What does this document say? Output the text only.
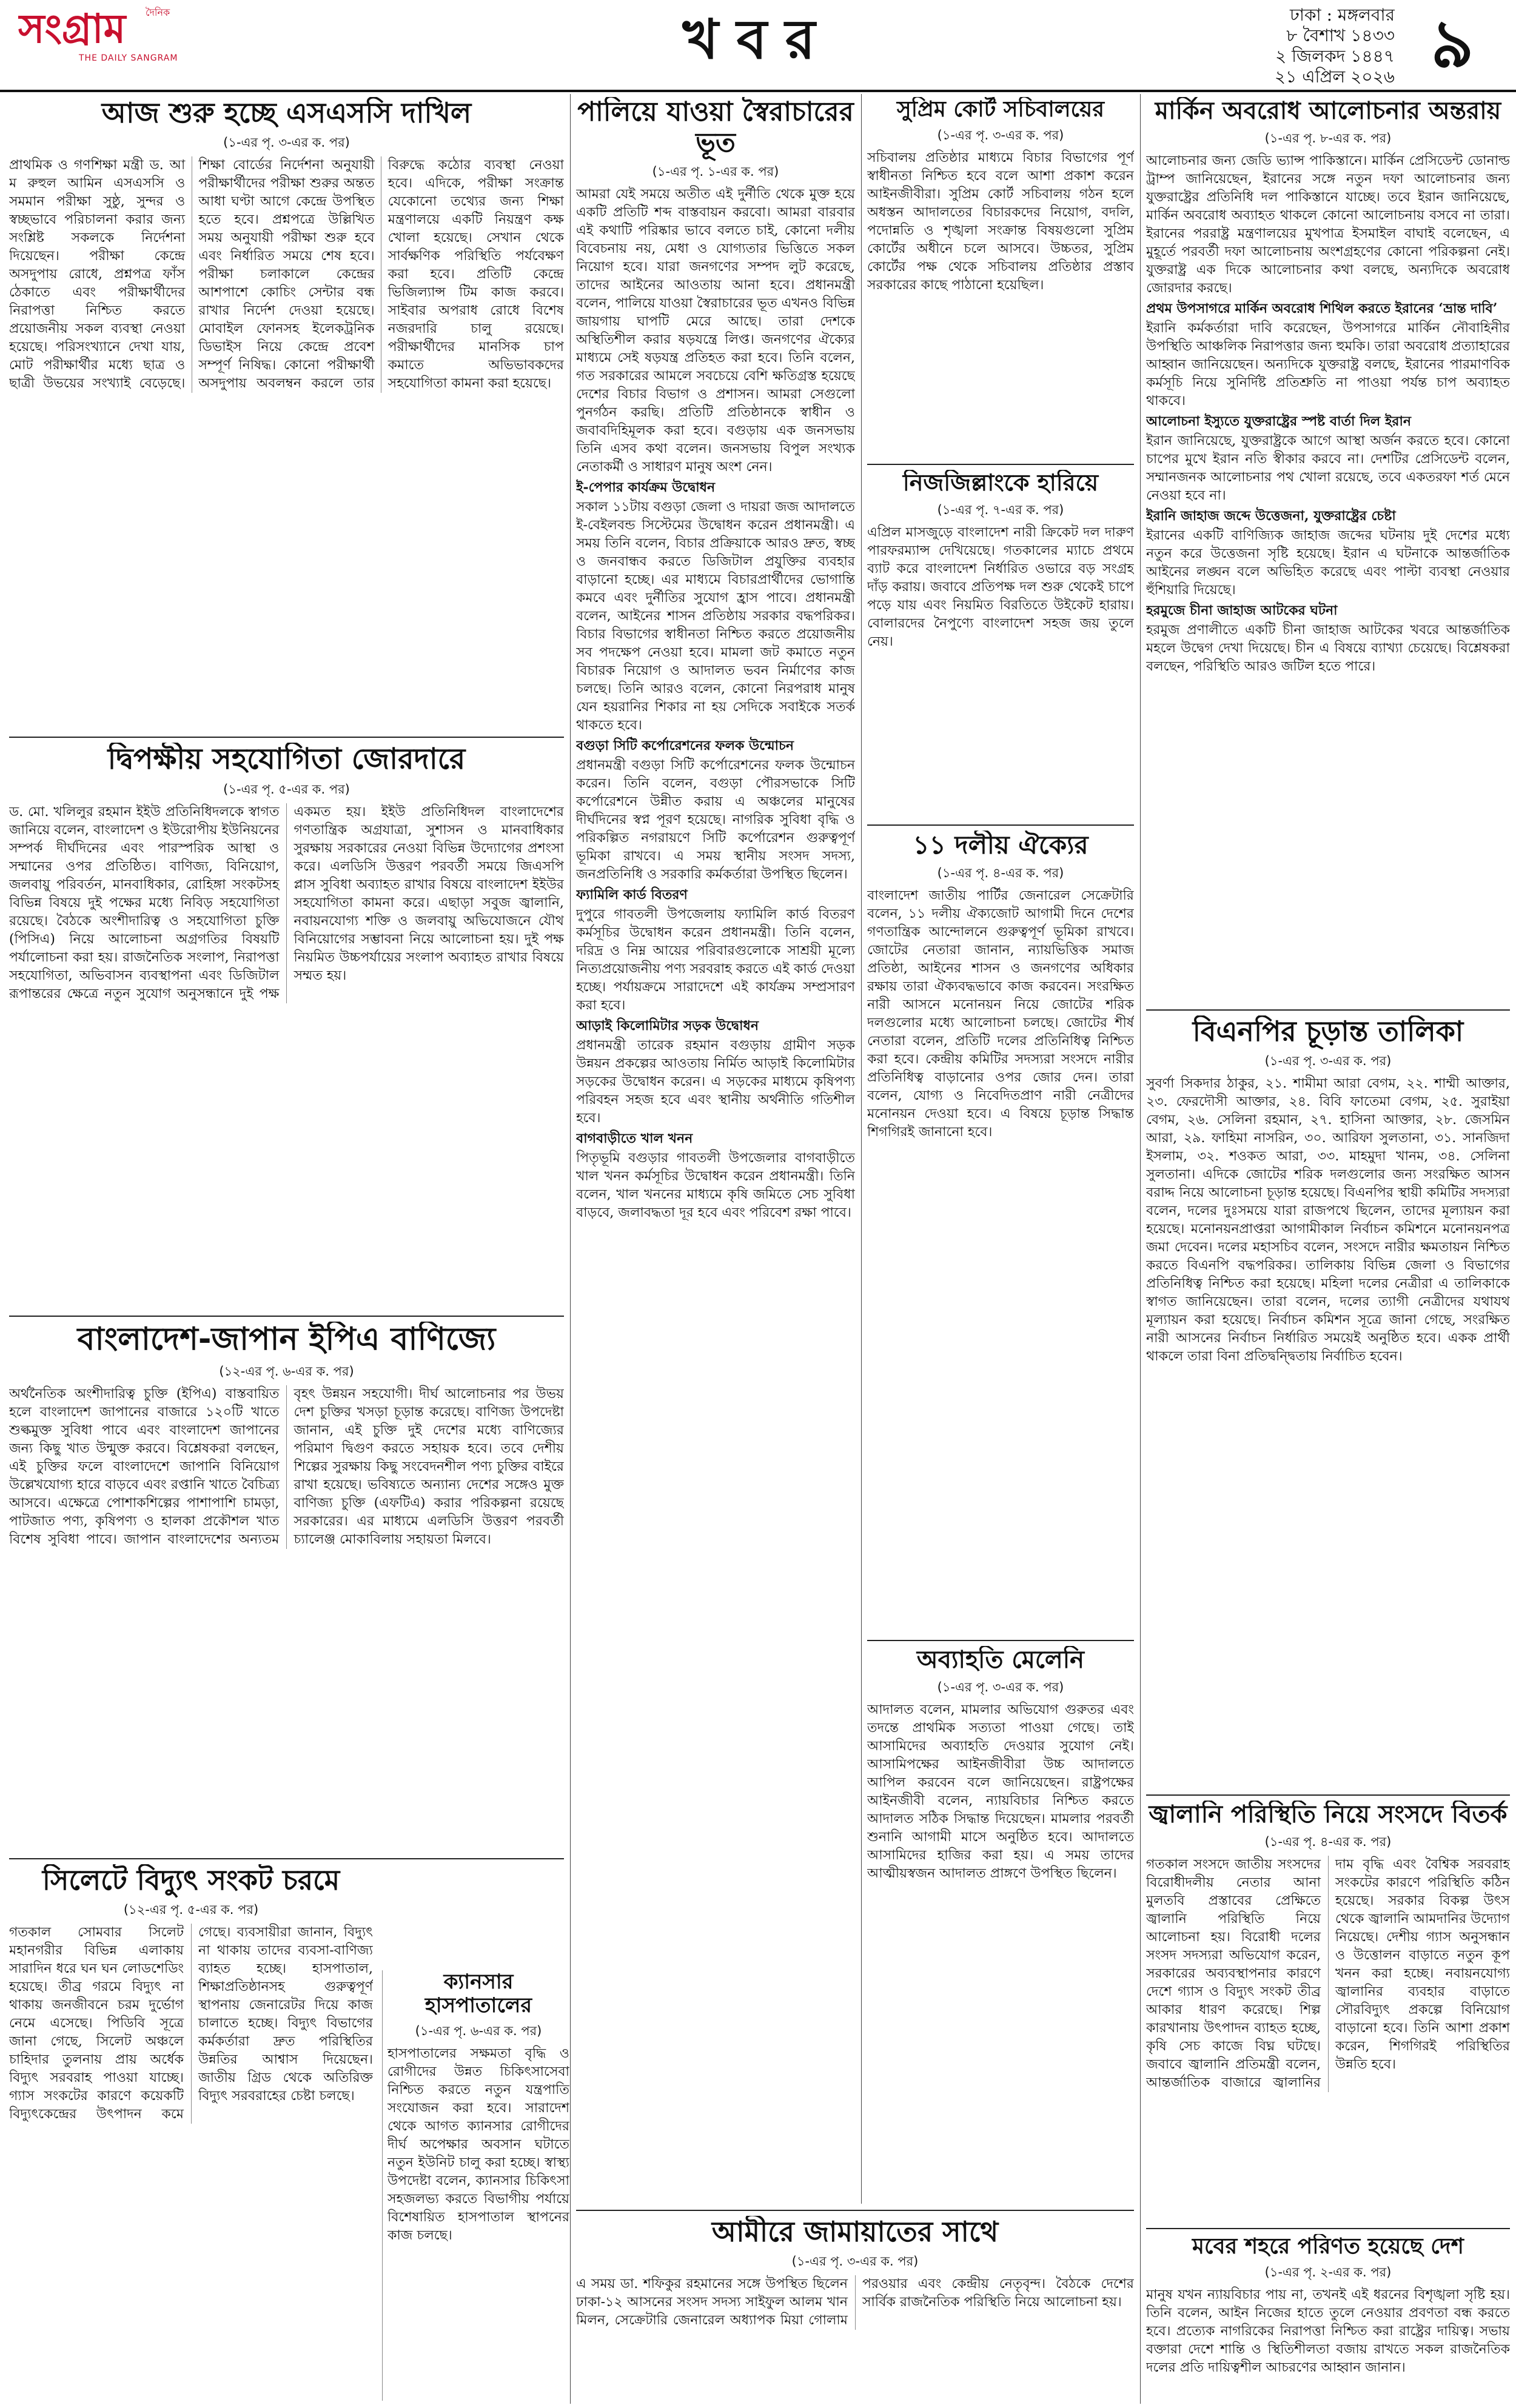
দৈনিক
সংগ্রাম
THE DAILY SANGRAM	খবর	ঢাকা : মঙ্গলবার
৮ বৈশাখ ১৪৩৩
২ জিলকদ ১৪৪৭
২১ এপ্রিল ২০২৬ ৯
আজ শুরু হচ্ছে এসএসসি দাখিল
(১-এর পৃ. ৩-এর ক. পর)

প্রাথমিক ও গণশিক্ষা মন্ত্রী ড. আ ম রুহুল আমিন এসএসসি ও সমমান পরীক্ষা সুষ্ঠু, সুন্দর ও স্বচ্ছভাবে পরিচালনা করার জন্য সংশ্লিষ্ট সকলকে নির্দেশনা দিয়েছেন। পরীক্ষা কেন্দ্রে অসদুপায় রোধে, প্রশ্নপত্র ফাঁস ঠেকাতে এবং পরীক্ষার্থীদের নিরাপত্তা নিশ্চিত করতে প্রয়োজনীয় সকল ব্যবস্থা নেওয়া হয়েছে। পরিসংখ্যানে দেখা যায়, মোট পরীক্ষার্থীর মধ্যে ছাত্র ও ছাত্রী উভয়ের সংখ্যাই বেড়েছে। শিক্ষা বোর্ডের নির্দেশনা অনুযায়ী পরীক্ষার্থীদের পরীক্ষা শুরুর অন্তত আধা ঘণ্টা আগে কেন্দ্রে উপস্থিত হতে হবে। প্রশ্নপত্রে উল্লিখিত সময় অনুযায়ী পরীক্ষা শুরু হবে এবং নির্ধারিত সময়ে শেষ হবে। পরীক্ষা চলাকালে কেন্দ্রের আশপাশে কোচিং সেন্টার বন্ধ রাখার নির্দেশ দেওয়া হয়েছে। মোবাইল ফোনসহ ইলেকট্রনিক ডিভাইস নিয়ে কেন্দ্রে প্রবেশ সম্পূর্ণ নিষিদ্ধ। কোনো পরীক্ষার্থী অসদুপায় অবলম্বন করলে তার বিরুদ্ধে কঠোর ব্যবস্থা নেওয়া হবে। এদিকে, পরীক্ষা সংক্রান্ত যেকোনো তথ্যের জন্য শিক্ষা মন্ত্রণালয়ে একটি নিয়ন্ত্রণ কক্ষ খোলা হয়েছে। সেখান থেকে সার্বক্ষণিক পরিস্থিতি পর্যবেক্ষণ করা হবে। প্রতিটি কেন্দ্রে ভিজিল্যান্স টিম কাজ করবে। সাইবার অপরাধ রোধে বিশেষ নজরদারি চালু রয়েছে। পরীক্ষার্থীদের মানসিক চাপ কমাতে অভিভাবকদের সহযোগিতা কামনা করা হয়েছে।

দ্বিপক্ষীয় সহযোগিতা জোরদারে
(১-এর পৃ. ৫-এর ক. পর)

ড. মো. খলিলুর রহমান ইইউ প্রতিনিধিদলকে স্বাগত জানিয়ে বলেন, বাংলাদেশ ও ইউরোপীয় ইউনিয়নের সম্পর্ক দীর্ঘদিনের এবং পারস্পরিক আস্থা ও সম্মানের ওপর প্রতিষ্ঠিত। বাণিজ্য, বিনিয়োগ, জলবায়ু পরিবর্তন, মানবাধিকার, রোহিঙ্গা সংকটসহ বিভিন্ন বিষয়ে দুই পক্ষের মধ্যে নিবিড় সহযোগিতা রয়েছে। বৈঠকে অংশীদারিত্ব ও সহযোগিতা চুক্তি (পিসিএ) নিয়ে আলোচনা অগ্রগতির বিষয়টি পর্যালোচনা করা হয়। রাজনৈতিক সংলাপ, নিরাপত্তা সহযোগিতা, অভিবাসন ব্যবস্থাপনা এবং ডিজিটাল রূপান্তরের ক্ষেত্রে নতুন সুযোগ অনুসন্ধানে দুই পক্ষ একমত হয়। ইইউ প্রতিনিধিদল বাংলাদেশের গণতান্ত্রিক অগ্রযাত্রা, সুশাসন ও মানবাধিকার সুরক্ষায় সরকারের নেওয়া বিভিন্ন উদ্যোগের প্রশংসা করে। এলডিসি উত্তরণ পরবর্তী সময়ে জিএসপি প্লাস সুবিধা অব্যাহত রাখার বিষয়ে বাংলাদেশ ইইউর সহযোগিতা কামনা করে। এছাড়া সবুজ জ্বালানি, নবায়নযোগ্য শক্তি ও জলবায়ু অভিযোজনে যৌথ বিনিয়োগের সম্ভাবনা নিয়ে আলোচনা হয়। দুই পক্ষ নিয়মিত উচ্চপর্যায়ের সংলাপ অব্যাহত রাখার বিষয়ে সম্মত হয়।

বাংলাদেশ-জাপান ইপিএ বাণিজ্যে
(১২-এর পৃ. ৬-এর ক. পর)

অর্থনৈতিক অংশীদারিত্ব চুক্তি (ইপিএ) বাস্তবায়িত হলে বাংলাদেশ জাপানের বাজারে ১২০টি খাতে শুল্কমুক্ত সুবিধা পাবে এবং বাংলাদেশ জাপানের জন্য কিছু খাত উন্মুক্ত করবে। বিশ্লেষকরা বলছেন, এই চুক্তির ফলে বাংলাদেশে জাপানি বিনিয়োগ উল্লেখযোগ্য হারে বাড়বে এবং রপ্তানি খাতে বৈচিত্র্য আসবে। এক্ষেত্রে পোশাকশিল্পের পাশাপাশি চামড়া, পাটজাত পণ্য, কৃষিপণ্য ও হালকা প্রকৌশল খাত বিশেষ সুবিধা পাবে। জাপান বাংলাদেশের অন্যতম বৃহৎ উন্নয়ন সহযোগী। দীর্ঘ আলোচনার পর উভয় দেশ চুক্তির খসড়া চূড়ান্ত করেছে। বাণিজ্য উপদেষ্টা জানান, এই চুক্তি দুই দেশের মধ্যে বাণিজ্যের পরিমাণ দ্বিগুণ করতে সহায়ক হবে। তবে দেশীয় শিল্পের সুরক্ষায় কিছু সংবেদনশীল পণ্য চুক্তির বাইরে রাখা হয়েছে। ভবিষ্যতে অন্যান্য দেশের সঙ্গেও মুক্ত বাণিজ্য চুক্তি (এফটিএ) করার পরিকল্পনা রয়েছে সরকারের। এর মাধ্যমে এলডিসি উত্তরণ পরবর্তী চ্যালেঞ্জ মোকাবিলায় সহায়তা মিলবে।

সিলেটে বিদ্যুৎ সংকট চরমে
(১২-এর পৃ. ৫-এর ক. পর)

গতকাল সোমবার সিলেট মহানগরীর বিভিন্ন এলাকায় সারাদিন ধরে ঘন ঘন লোডশেডিং হয়েছে। তীব্র গরমে বিদ্যুৎ না থাকায় জনজীবনে চরম দুর্ভোগ নেমে এসেছে। পিডিবি সূত্রে জানা গেছে, সিলেট অঞ্চলে চাহিদার তুলনায় প্রায় অর্ধেক বিদ্যুৎ সরবরাহ পাওয়া যাচ্ছে। গ্যাস সংকটের কারণে কয়েকটি বিদ্যুৎকেন্দ্রের উৎপাদন কমে গেছে। ব্যবসায়ীরা জানান, বিদ্যুৎ না থাকায় তাদের ব্যবসা-বাণিজ্য ব্যাহত হচ্ছে। হাসপাতাল, শিক্ষাপ্রতিষ্ঠানসহ গুরুত্বপূর্ণ স্থাপনায় জেনারেটর দিয়ে কাজ চালাতে হচ্ছে। বিদ্যুৎ বিভাগের কর্মকর্তারা দ্রুত পরিস্থিতির উন্নতির আশ্বাস দিয়েছেন। জাতীয় গ্রিড থেকে অতিরিক্ত বিদ্যুৎ সরবরাহের চেষ্টা চলছে।

ক্যানসার হাসপাতালের
(১-এর পৃ. ৬-এর ক. পর)

হাসপাতালের সক্ষমতা বৃদ্ধি ও রোগীদের উন্নত চিকিৎসাসেবা নিশ্চিত করতে নতুন যন্ত্রপাতি সংযোজন করা হবে। সারাদেশ থেকে আগত ক্যানসার রোগীদের দীর্ঘ অপেক্ষার অবসান ঘটাতে নতুন ইউনিট চালু করা হচ্ছে। স্বাস্থ্য উপদেষ্টা বলেন, ক্যানসার চিকিৎসা সহজলভ্য করতে বিভাগীয় পর্যায়ে বিশেষায়িত হাসপাতাল স্থাপনের কাজ চলছে।

পালিয়ে যাওয়া স্বৈরাচারের ভূত
(১-এর পৃ. ১-এর ক. পর)

আমরা যেই সময়ে অতীত এই দুর্নীতি থেকে মুক্ত হয়ে একটি প্রতিটি শব্দ বাস্তবায়ন করবো। আমরা বারবার এই কথাটি পরিষ্কার ভাবে বলতে চাই, কোনো দলীয় বিবেচনায় নয়, মেধা ও যোগ্যতার ভিত্তিতে সকল নিয়োগ হবে। যারা জনগণের সম্পদ লুট করেছে, তাদের আইনের আওতায় আনা হবে। প্রধানমন্ত্রী বলেন, পালিয়ে যাওয়া স্বৈরাচারের ভূত এখনও বিভিন্ন জায়গায় ঘাপটি মেরে আছে। তারা দেশকে অস্থিতিশীল করার ষড়যন্ত্রে লিপ্ত। জনগণের ঐক্যের মাধ্যমে সেই ষড়যন্ত্র প্রতিহত করা হবে। তিনি বলেন, গত সরকারের আমলে সবচেয়ে বেশি ক্ষতিগ্রস্ত হয়েছে দেশের বিচার বিভাগ ও প্রশাসন। আমরা সেগুলো পুনর্গঠন করছি। প্রতিটি প্রতিষ্ঠানকে স্বাধীন ও জবাবদিহিমূলক করা হবে। বগুড়ায় এক জনসভায় তিনি এসব কথা বলেন। জনসভায় বিপুল সংখ্যক নেতাকর্মী ও সাধারণ মানুষ অংশ নেন।

ই-পেপার কার্যক্রম উদ্বোধন

সকাল ১১টায় বগুড়া জেলা ও দায়রা জজ আদালতে ই-বেইলবন্ড সিস্টেমের উদ্বোধন করেন প্রধানমন্ত্রী। এ সময় তিনি বলেন, বিচার প্রক্রিয়াকে আরও দ্রুত, স্বচ্ছ ও জনবান্ধব করতে ডিজিটাল প্রযুক্তির ব্যবহার বাড়ানো হচ্ছে। এর মাধ্যমে বিচারপ্রার্থীদের ভোগান্তি কমবে এবং দুর্নীতির সুযোগ হ্রাস পাবে। প্রধানমন্ত্রী বলেন, আইনের শাসন প্রতিষ্ঠায় সরকার বদ্ধপরিকর। বিচার বিভাগের স্বাধীনতা নিশ্চিত করতে প্রয়োজনীয় সব পদক্ষেপ নেওয়া হবে। মামলা জট কমাতে নতুন বিচারক নিয়োগ ও আদালত ভবন নির্মাণের কাজ চলছে। তিনি আরও বলেন, কোনো নিরপরাধ মানুষ যেন হয়রানির শিকার না হয় সেদিকে সবাইকে সতর্ক থাকতে হবে।

বগুড়া সিটি কর্পোরেশনের ফলক উন্মোচন

প্রধানমন্ত্রী বগুড়া সিটি কর্পোরেশনের ফলক উন্মোচন করেন। তিনি বলেন, বগুড়া পৌরসভাকে সিটি কর্পোরেশনে উন্নীত করায় এ অঞ্চলের মানুষের দীর্ঘদিনের স্বপ্ন পূরণ হয়েছে। নাগরিক সুবিধা বৃদ্ধি ও পরিকল্পিত নগরায়ণে সিটি কর্পোরেশন গুরুত্বপূর্ণ ভূমিকা রাখবে। এ সময় স্থানীয় সংসদ সদস্য, জনপ্রতিনিধি ও সরকারি কর্মকর্তারা উপস্থিত ছিলেন।

ফ্যামিলি কার্ড বিতরণ

দুপুরে গাবতলী উপজেলায় ফ্যামিলি কার্ড বিতরণ কর্মসূচির উদ্বোধন করেন প্রধানমন্ত্রী। তিনি বলেন, দরিদ্র ও নিম্ন আয়ের পরিবারগুলোকে সাশ্রয়ী মূল্যে নিত্যপ্রয়োজনীয় পণ্য সরবরাহ করতে এই কার্ড দেওয়া হচ্ছে। পর্যায়ক্রমে সারাদেশে এই কার্যক্রম সম্প্রসারণ করা হবে।

আড়াই কিলোমিটার সড়ক উদ্বোধন

প্রধানমন্ত্রী তারেক রহমান বগুড়ায় গ্রামীণ সড়ক উন্নয়ন প্রকল্পের আওতায় নির্মিত আড়াই কিলোমিটার সড়কের উদ্বোধন করেন। এ সড়কের মাধ্যমে কৃষিপণ্য পরিবহন সহজ হবে এবং স্থানীয় অর্থনীতি গতিশীল হবে।

বাগবাড়ীতে খাল খনন

পিতৃভূমি বগুড়ার গাবতলী উপজেলার বাগবাড়ীতে খাল খনন কর্মসূচির উদ্বোধন করেন প্রধানমন্ত্রী। তিনি বলেন, খাল খননের মাধ্যমে কৃষি জমিতে সেচ সুবিধা বাড়বে, জলাবদ্ধতা দূর হবে এবং পরিবেশ রক্ষা পাবে।

আমীরে জামায়াতের সাথে
(১-এর পৃ. ৩-এর ক. পর)

এ সময় ডা. শফিকুর রহমানের সঙ্গে উপস্থিত ছিলেন ঢাকা-১২ আসনের সংসদ সদস্য সাইফুল আলম খান মিলন, সেক্রেটারি জেনারেল অধ্যাপক মিয়া গোলাম পরওয়ার এবং কেন্দ্রীয় নেতৃবৃন্দ। বৈঠকে দেশের সার্বিক রাজনৈতিক পরিস্থিতি নিয়ে আলোচনা হয়।

মার্কিন অবরোধ আলোচনার অন্তরায়
(১-এর পৃ. ৮-এর ক. পর)

আলোচনার জন্য জেডি ভ্যান্স পাকিস্তানে। মার্কিন প্রেসিডেন্ট ডোনাল্ড ট্রাম্প জানিয়েছেন, ইরানের সঙ্গে নতুন দফা আলোচনার জন্য যুক্তরাষ্ট্রের প্রতিনিধি দল পাকিস্তানে যাচ্ছে। তবে ইরান জানিয়েছে, মার্কিন অবরোধ অব্যাহত থাকলে কোনো আলোচনায় বসবে না তারা। ইরানের পররাষ্ট্র মন্ত্রণালয়ের মুখপাত্র ইসমাইল বাঘাই বলেছেন, এ মুহূর্তে পরবর্তী দফা আলোচনায় অংশগ্রহণের কোনো পরিকল্পনা নেই। যুক্তরাষ্ট্র এক দিকে আলোচনার কথা বলছে, অন্যদিকে অবরোধ জোরদার করছে।

প্রথম উপসাগরে মার্কিন অবরোধ শিথিল করতে ইরানের ‘ভ্রান্ত দাবি’

ইরানি কর্মকর্তারা দাবি করেছেন, উপসাগরে মার্কিন নৌবাহিনীর উপস্থিতি আঞ্চলিক নিরাপত্তার জন্য হুমকি। তারা অবরোধ প্রত্যাহারের আহ্বান জানিয়েছেন। অন্যদিকে যুক্তরাষ্ট্র বলছে, ইরানের পারমাণবিক কর্মসূচি নিয়ে সুনির্দিষ্ট প্রতিশ্রুতি না পাওয়া পর্যন্ত চাপ অব্যাহত থাকবে।

আলোচনা ইস্যুতে যুক্তরাষ্ট্রের স্পষ্ট বার্তা দিল ইরান

ইরান জানিয়েছে, যুক্তরাষ্ট্রকে আগে আস্থা অর্জন করতে হবে। কোনো চাপের মুখে ইরান নতি স্বীকার করবে না। দেশটির প্রেসিডেন্ট বলেন, সম্মানজনক আলোচনার পথ খোলা রয়েছে, তবে একতরফা শর্ত মেনে নেওয়া হবে না।

ইরানি জাহাজ জব্দে উত্তেজনা, যুক্তরাষ্ট্রের চেষ্টা

ইরানের একটি বাণিজ্যিক জাহাজ জব্দের ঘটনায় দুই দেশের মধ্যে নতুন করে উত্তেজনা সৃষ্টি হয়েছে। ইরান এ ঘটনাকে আন্তর্জাতিক আইনের লঙ্ঘন বলে অভিহিত করেছে এবং পাল্টা ব্যবস্থা নেওয়ার হুঁশিয়ারি দিয়েছে।

হরমুজে চীনা জাহাজ আটকের ঘটনা

হরমুজ প্রণালীতে একটি চীনা জাহাজ আটকের খবরে আন্তর্জাতিক মহলে উদ্বেগ দেখা দিয়েছে। চীন এ বিষয়ে ব্যাখ্যা চেয়েছে। বিশ্লেষকরা বলছেন, পরিস্থিতি আরও জটিল হতে পারে।

বিএনপির চূড়ান্ত তালিকা
(১-এর পৃ. ৩-এর ক. পর)

সুবর্ণা সিকদার ঠাকুর, ২১. শামীমা আরা বেগম, ২২. শাম্মী আক্তার, ২৩. ফেরদৌসী আক্তার, ২৪. বিবি ফাতেমা বেগম, ২৫. সুরাইয়া বেগম, ২৬. সেলিনা রহমান, ২৭. হাসিনা আক্তার, ২৮. জেসমিন আরা, ২৯. ফাহিমা নাসরিন, ৩০. আরিফা সুলতানা, ৩১. সানজিদা ইসলাম, ৩২. শওকত আরা, ৩৩. মাহমুদা খানম, ৩৪. সেলিনা সুলতানা। এদিকে জোটের শরিক দলগুলোর জন্য সংরক্ষিত আসন বরাদ্দ নিয়ে আলোচনা চূড়ান্ত হয়েছে। বিএনপির স্থায়ী কমিটির সদস্যরা বলেন, দলের দুঃসময়ে যারা রাজপথে ছিলেন, তাদের মূল্যায়ন করা হয়েছে। মনোনয়নপ্রাপ্তরা আগামীকাল নির্বাচন কমিশনে মনোনয়নপত্র জমা দেবেন। দলের মহাসচিব বলেন, সংসদে নারীর ক্ষমতায়ন নিশ্চিত করতে বিএনপি বদ্ধপরিকর। তালিকায় বিভিন্ন জেলা ও বিভাগের প্রতিনিধিত্ব নিশ্চিত করা হয়েছে। মহিলা দলের নেত্রীরা এ তালিকাকে স্বাগত জানিয়েছেন। তারা বলেন, দলের ত্যাগী নেত্রীদের যথাযথ মূল্যায়ন করা হয়েছে। নির্বাচন কমিশন সূত্রে জানা গেছে, সংরক্ষিত নারী আসনের নির্বাচন নির্ধারিত সময়েই অনুষ্ঠিত হবে। একক প্রার্থী থাকলে তারা বিনা প্রতিদ্বন্দ্বিতায় নির্বাচিত হবেন।

জ্বালানি পরিস্থিতি নিয়ে সংসদে বিতর্ক
(১-এর পৃ. ৪-এর ক. পর)

গতকাল সংসদে জাতীয় সংসদের বিরোধীদলীয় নেতার আনা মুলতবি প্রস্তাবের প্রেক্ষিতে জ্বালানি পরিস্থিতি নিয়ে আলোচনা হয়। বিরোধী দলের সংসদ সদস্যরা অভিযোগ করেন, সরকারের অব্যবস্থাপনার কারণে দেশে গ্যাস ও বিদ্যুৎ সংকট তীব্র আকার ধারণ করেছে। শিল্প কারখানায় উৎপাদন ব্যাহত হচ্ছে, কৃষি সেচ কাজে বিঘ্ন ঘটছে। জবাবে জ্বালানি প্রতিমন্ত্রী বলেন, আন্তর্জাতিক বাজারে জ্বালানির দাম বৃদ্ধি এবং বৈশ্বিক সরবরাহ সংকটের কারণে পরিস্থিতি কঠিন হয়েছে। সরকার বিকল্প উৎস থেকে জ্বালানি আমদানির উদ্যোগ নিয়েছে। দেশীয় গ্যাস অনুসন্ধান ও উত্তোলন বাড়াতে নতুন কূপ খনন করা হচ্ছে। নবায়নযোগ্য জ্বালানির ব্যবহার বাড়াতে সৌরবিদ্যুৎ প্রকল্পে বিনিয়োগ বাড়ানো হবে। তিনি আশা প্রকাশ করেন, শিগগিরই পরিস্থিতির উন্নতি হবে।

মবের শহরে পরিণত হয়েছে দেশ
(১-এর পৃ. ২-এর ক. পর)

মানুষ যখন ন্যায়বিচার পায় না, তখনই এই ধরনের বিশৃঙ্খলা সৃষ্টি হয়। তিনি বলেন, আইন নিজের হাতে তুলে নেওয়ার প্রবণতা বন্ধ করতে হবে। প্রত্যেক নাগরিকের নিরাপত্তা নিশ্চিত করা রাষ্ট্রের দায়িত্ব। সভায় বক্তারা দেশে শান্তি ও স্থিতিশীলতা বজায় রাখতে সকল রাজনৈতিক দলের প্রতি দায়িত্বশীল আচরণের আহ্বান জানান।

সুপ্রিম কোর্ট সচিবালয়ের
(১-এর পৃ. ৩-এর ক. পর)

সচিবালয় প্রতিষ্ঠার মাধ্যমে বিচার বিভাগের পূর্ণ স্বাধীনতা নিশ্চিত হবে বলে আশা প্রকাশ করেন আইনজীবীরা। সুপ্রিম কোর্ট সচিবালয় গঠন হলে অধস্তন আদালতের বিচারকদের নিয়োগ, বদলি, পদোন্নতি ও শৃঙ্খলা সংক্রান্ত বিষয়গুলো সুপ্রিম কোর্টের অধীনে চলে আসবে। উচ্চতর, সুপ্রিম কোর্টের পক্ষ থেকে সচিবালয় প্রতিষ্ঠার প্রস্তাব সরকারের কাছে পাঠানো হয়েছিল।

নিজজিল্লাংকে হারিয়ে
(১-এর পৃ. ৭-এর ক. পর)

এপ্রিল মাসজুড়ে বাংলাদেশ নারী ক্রিকেট দল দারুণ পারফরম্যান্স দেখিয়েছে। গতকালের ম্যাচে প্রথমে ব্যাট করে বাংলাদেশ নির্ধারিত ওভারে বড় সংগ্রহ দাঁড় করায়। জবাবে প্রতিপক্ষ দল শুরু থেকেই চাপে পড়ে যায় এবং নিয়মিত বিরতিতে উইকেট হারায়। বোলারদের নৈপুণ্যে বাংলাদেশ সহজ জয় তুলে নেয়।

১১ দলীয় ঐক্যের
(১-এর পৃ. ৪-এর ক. পর)

বাংলাদেশ জাতীয় পার্টির জেনারেল সেক্রেটারি বলেন, ১১ দলীয় ঐক্যজোট আগামী দিনে দেশের গণতান্ত্রিক আন্দোলনে গুরুত্বপূর্ণ ভূমিকা রাখবে। জোটের নেতারা জানান, ন্যায়ভিত্তিক সমাজ প্রতিষ্ঠা, আইনের শাসন ও জনগণের অধিকার রক্ষায় তারা ঐক্যবদ্ধভাবে কাজ করবেন। সংরক্ষিত নারী আসনে মনোনয়ন নিয়ে জোটের শরিক দলগুলোর মধ্যে আলোচনা চলছে। জোটের শীর্ষ নেতারা বলেন, প্রতিটি দলের প্রতিনিধিত্ব নিশ্চিত করা হবে। কেন্দ্রীয় কমিটির সদস্যরা সংসদে নারীর প্রতিনিধিত্ব বাড়ানোর ওপর জোর দেন। তারা বলেন, যোগ্য ও নিবেদিতপ্রাণ নারী নেত্রীদের মনোনয়ন দেওয়া হবে। এ বিষয়ে চূড়ান্ত সিদ্ধান্ত শিগগিরই জানানো হবে।

অব্যাহতি মেলেনি
(১-এর পৃ. ৩-এর ক. পর)

আদালত বলেন, মামলার অভিযোগ গুরুতর এবং তদন্তে প্রাথমিক সত্যতা পাওয়া গেছে। তাই আসামিদের অব্যাহতি দেওয়ার সুযোগ নেই। আসামিপক্ষের আইনজীবীরা উচ্চ আদালতে আপিল করবেন বলে জানিয়েছেন। রাষ্ট্রপক্ষের আইনজীবী বলেন, ন্যায়বিচার নিশ্চিত করতে আদালত সঠিক সিদ্ধান্ত দিয়েছেন। মামলার পরবর্তী শুনানি আগামী মাসে অনুষ্ঠিত হবে। আদালতে আসামিদের হাজির করা হয়। এ সময় তাদের আত্মীয়স্বজন আদালত প্রাঙ্গণে উপস্থিত ছিলেন।
